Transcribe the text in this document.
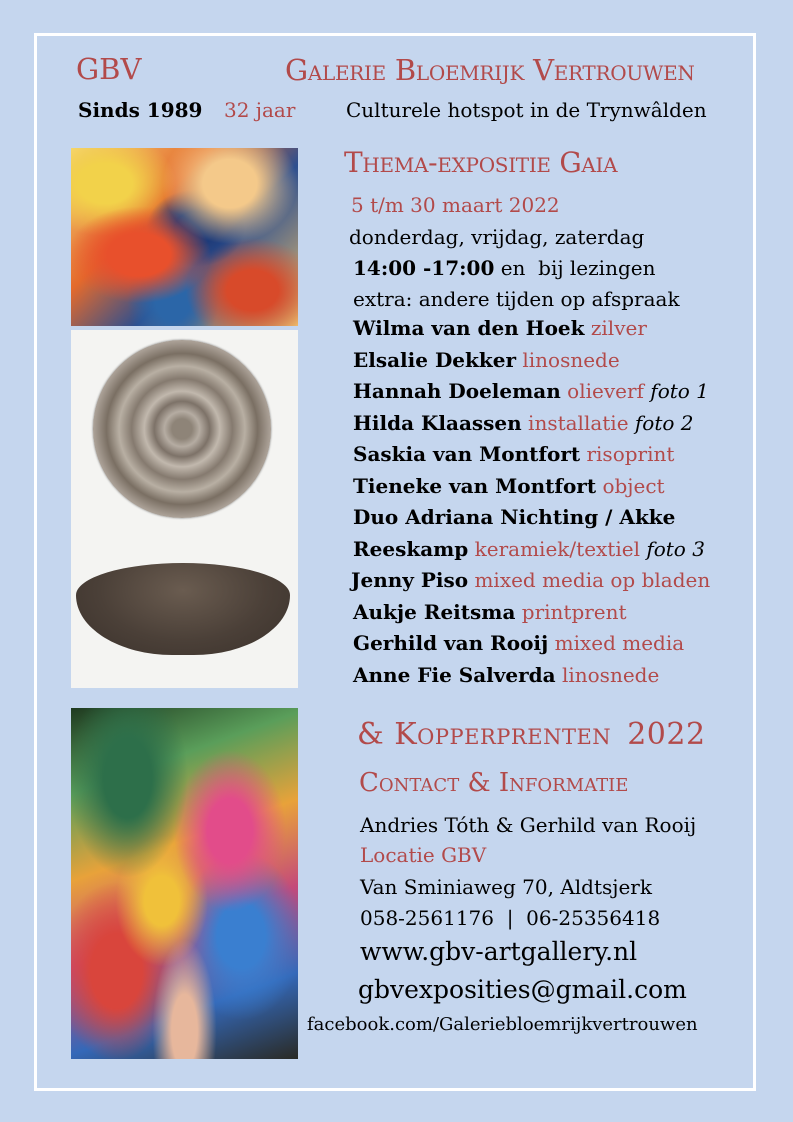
GBV	Galerie Bloemrijk Vertrouwen
Sinds 1989 32 jaar	Culturele hotspot in de Trynwâlden
Thema-expositie Gaia
5 t/m 30 maart 2022
donderdag, vrijdag, zaterdag
14:00 -17:00 en  bij lezingen
extra: andere tijden op afspraak
Wilma van den Hoek zilver
Elsalie Dekker linosnede
Hannah Doeleman olieverf foto 1
Hilda Klaassen installatie foto 2
Saskia van Montfort risoprint
Tieneke van Montfort object
Duo Adriana Nichting / Akke
Reeskamp keramiek/textiel foto 3
Jenny Piso mixed media op bladen
Aukje Reitsma printprent
Gerhild van Rooij mixed media
Anne Fie Salverda linosnede
& Kopperprenten 2022
Contact & Informatie
Andries Tóth & Gerhild van Rooij
Locatie GBV
Van Sminiaweg 70, Aldtsjerk
058-2561176  |  06-25356418
www.gbv-artgallery.nl
gbvexposities@gmail.com
facebook.com/Galeriebloemrijkvertrouwen
